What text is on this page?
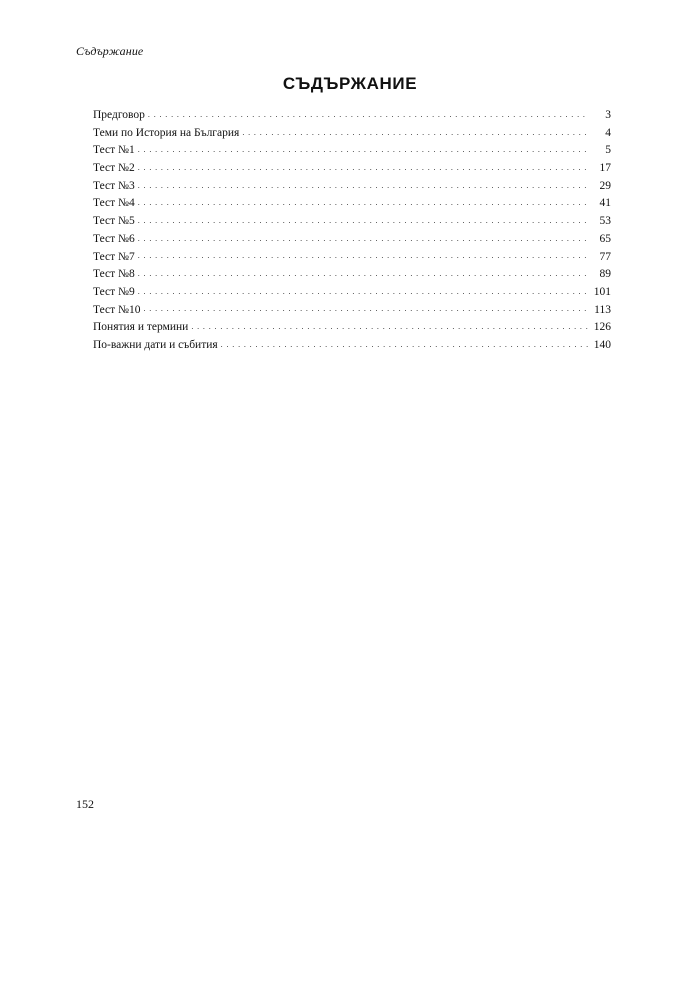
Съдържание
СЪДЪРЖАНИЕ
Предговор . . .	3
Теми по История на България . . .	4
Тест №1 . . .	5
Тест №2 . . .	17
Тест №3 . . .	29
Тест №4 . . .	41
Тест №5 . . .	53
Тест №6 . . .	65
Тест №7 . . .	77
Тест №8 . . .	89
Тест №9 . . .	101
Тест №10 . . .	113
Понятия и термини . . .	126
По-важни дати и събития . . .	140
152
